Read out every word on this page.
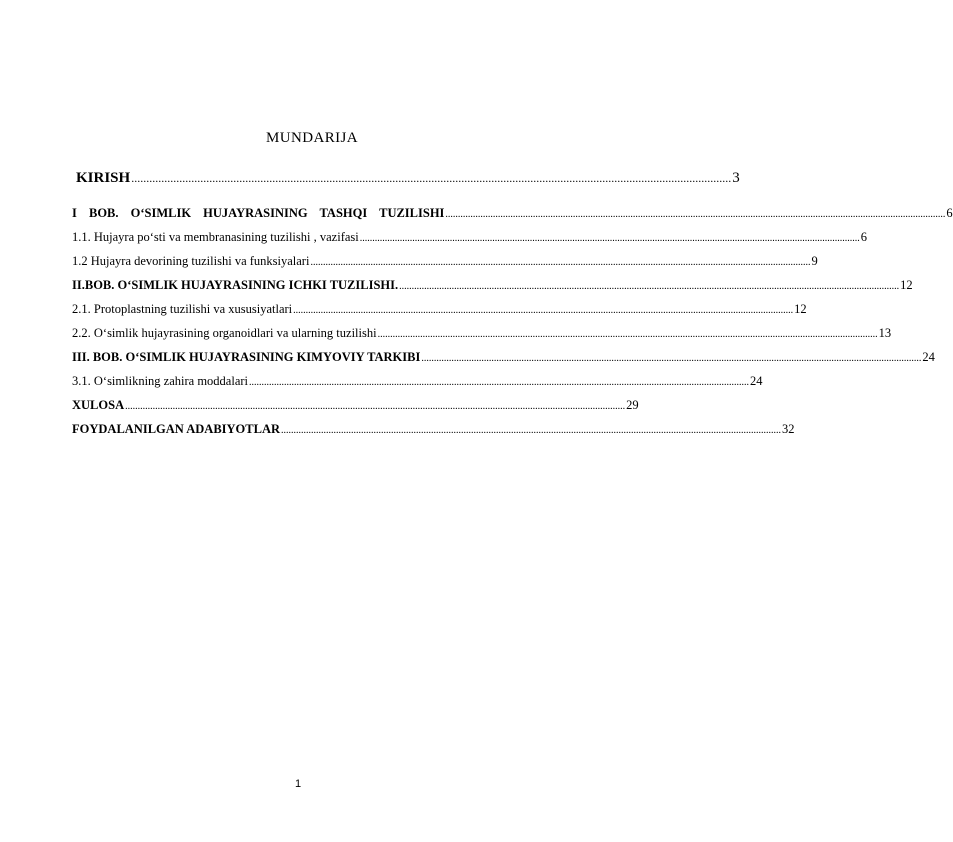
MUNDARIJA
KIRISH ........................................................................................................................................................................................................ 3
I BOB. O‘SIMLIK HUJAYRASINING TASHQI TUZILISHI ........................................................................................................................................................................................................ 6
1.1. Hujayra po‘sti va membranasining tuzilishi , vazifasi ........................................................................................................................................................................................................ 6
1.2 Hujayra devorining tuzilishi va funksiyalari ........................................................................................................................................................................................................ 9
II.BOB. O‘SIMLIK HUJAYRASINING ICHKI TUZILISHI. ........................................................................................................................................................................................................ 12
2.1. Protoplastning tuzilishi va xususiyatlari ........................................................................................................................................................................................................ 12
2.2. O‘simlik hujayrasining organoidlari va ularning tuzilishi ........................................................................................................................................................................................................ 13
III. BOB. O‘SIMLIK HUJAYRASINING KIMYOVIY TARKIBI ........................................................................................................................................................................................................ 24
3.1. O‘simlikning zahira moddalari ........................................................................................................................................................................................................ 24
XULOSA ........................................................................................................................................................................................................ 29
FOYDALANILGAN ADABIYOTLAR ........................................................................................................................................................................................................ 32
1
